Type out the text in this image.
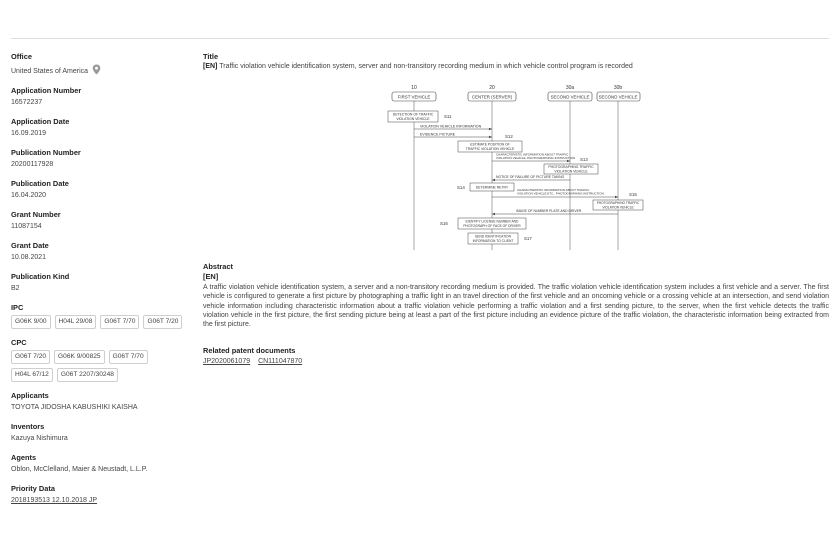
Office
United States of America
Application Number
16572237
Application Date
16.09.2019
Publication Number
20200117928
Publication Date
16.04.2020
Grant Number
11087154
Grant Date
10.08.2021
Publication Kind
B2
IPC
G06K 9/00	H04L 29/08	G06T 7/70	G06T 7/20
CPC
G06T 7/20	G06K 9/00825	G06T 7/70
H04L 67/12	G06T 2207/30248
Applicants
TOYOTA JIDOSHA KABUSHIKI KAISHA
Inventors
Kazuya Nishimura
Agents
Oblon, McClelland, Maier & Neustadt, L.L.P.
Priority Data
2018193513 12.10.2018 JP
Title
[EN] Traffic violation vehicle identification system, server and non-transitory recording medium in which vehicle control program is recorded
10	20	30a	30b
FIRST VEHICLE	CENTER (SERVER)	SECOND VEHICLE SECOND VEHICLE
DETECTION OF TRAFFIC
VIOLATION VEHICLE	S11
VIOLATION VEHICLE INFORMATION
EVIDENCE PICTURE	S12
ESTIMATE POSITION OF
TRAFFIC VIOLATION VEHICLE
CHARACTERISTIC INFORMATION ABOUT TRAFFIC
VIOLATION VEHICLE, PHOTOGRAPHING INSTRUCTION S13
PHOTOGRAPHING TRAFFIC
VIOLATION VEHICLE
NOTICE OF FAILURE OF PICTURE TAKING
S14	DETERMINE RETRY
CHARACTERISTIC INFORMATION ABOUT TRAFFIC
VIOLATION VEHICLE ETC., PHOTOGRAPHING INSTRUCTION	S15
PHOTOGRAPHING TRAFFIC
VIOLATION VEHICLE
IMAGE OF NUMBER PLATE AND DRIVER
S16	IDENTIFY LICENSE NUMBER AND
PHOTOGRAPH OF FACE OF DRIVER
SEND IDENTIFICATION
INFORMATION TO CLIENT S17
Abstract
[EN]
A traffic violation vehicle identification system, a server and a non-transitory recording medium is provided. The traffic violation vehicle identification system includes a first vehicle and a server. The first vehicle is configured to generate a first picture by photographing a traffic light in an travel direction of the first vehicle and an oncoming vehicle or a crossing vehicle at an intersection, and send violation vehicle information including characteristic information about a traffic violation vehicle performing a traffic violation and a first sending picture, to the server, when the first vehicle detects the traffic violation vehicle in the first picture, the first sending picture being at least a part of the first picture including an evidence picture of the traffic violation, the characteristic information being extracted from the first picture.
Related patent documents
JP2020061079 CN111047870
